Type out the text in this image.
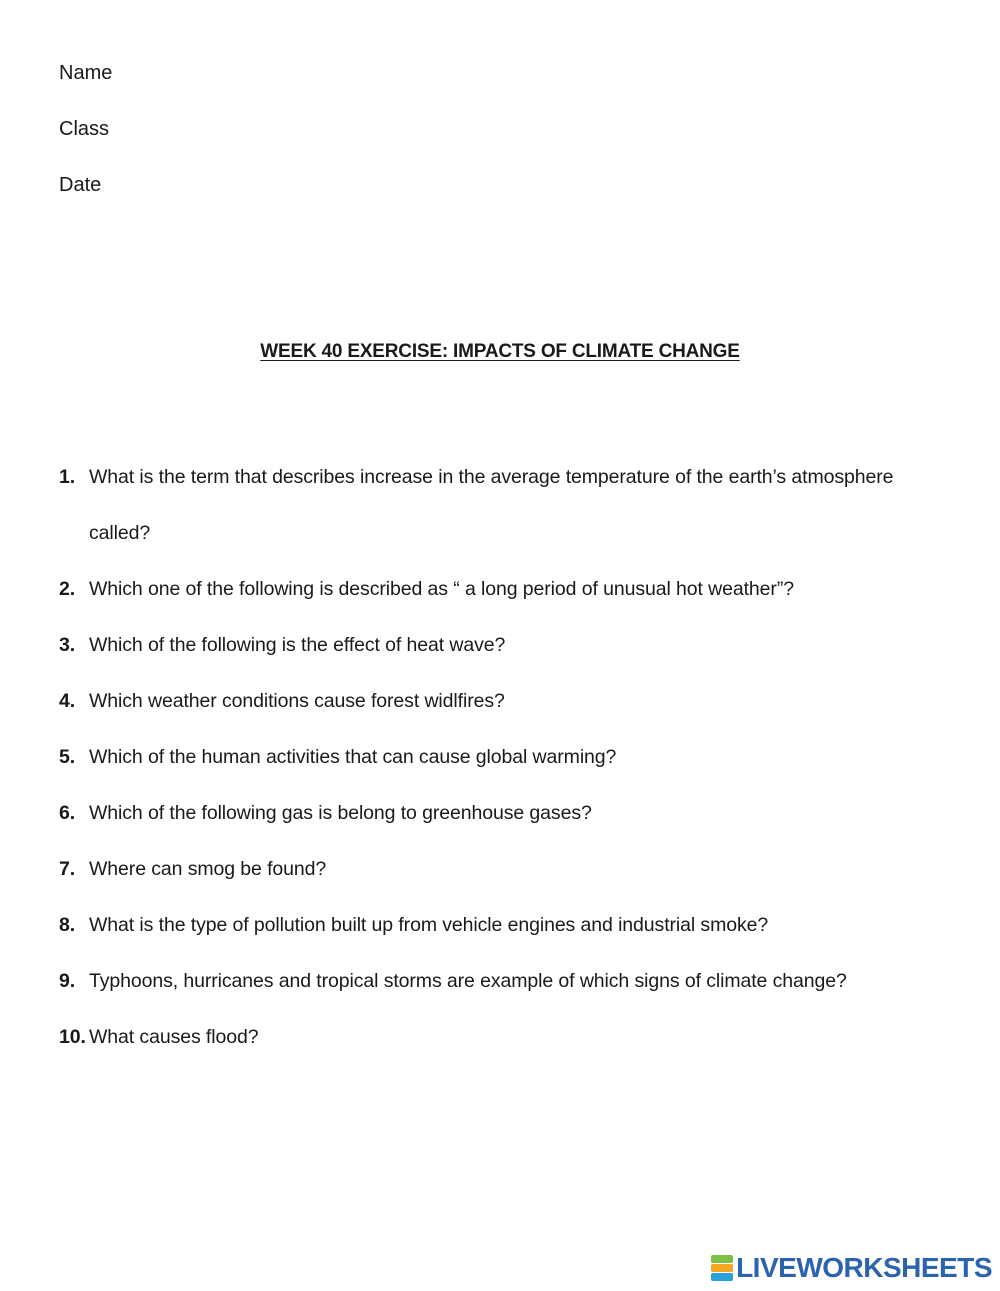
Name
Class
Date
WEEK 40 EXERCISE: IMPACTS OF CLIMATE CHANGE
1. What is the term that describes increase in the average temperature of the earth’s atmosphere called?
2. Which one of the following is described as “ a long period of unusual hot weather”?
3. Which of the following is the effect of heat wave?
4. Which weather conditions cause forest widlfires?
5. Which of the human activities that can cause global warming?
6. Which of the following gas is belong to greenhouse gases?
7. Where can smog be found?
8. What is the type of pollution built up from vehicle engines and industrial smoke?
9. Typhoons, hurricanes and tropical storms are example of which signs of climate change?
10. What causes flood?
LIVEWORKSHEETS
